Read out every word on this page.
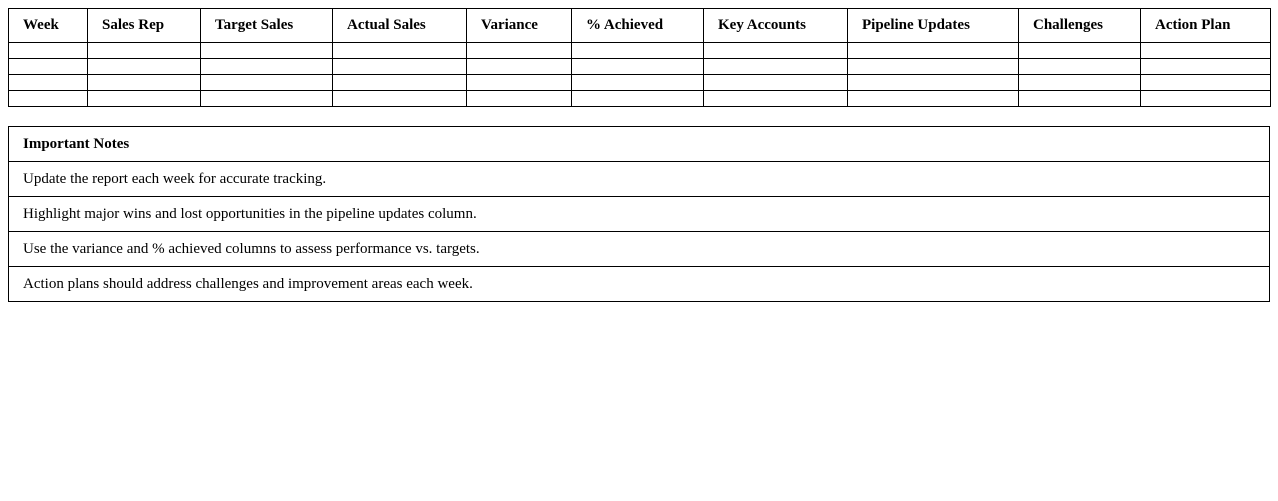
Week	Sales Rep	Target Sales	Actual Sales	Variance	% Achieved	Key Accounts	Pipeline Updates	Challenges	Action Plan

Important Notes
Update the report each week for accurate tracking.
Highlight major wins and lost opportunities in the pipeline updates column.
Use the variance and % achieved columns to assess performance vs. targets.
Action plans should address challenges and improvement areas each week.
